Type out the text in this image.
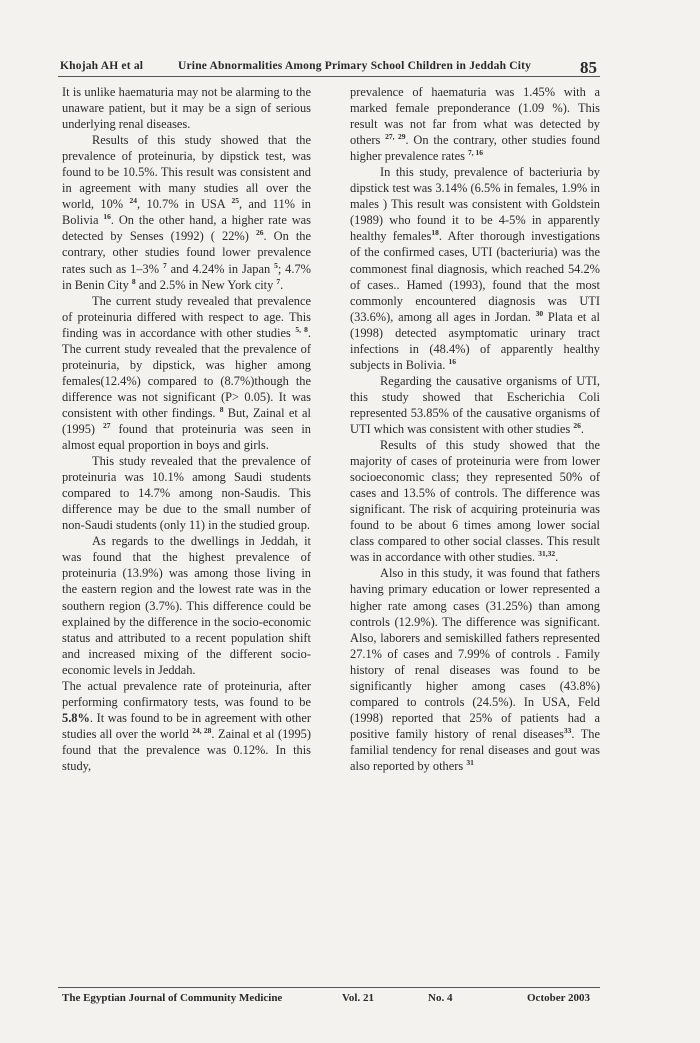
Khojah AH et al	Urine Abnormalities Among Primary School Children in Jeddah City	85

It is unlike haematuria may not be alarming to the unaware patient, but it may be a sign of serious underlying renal diseases.

Results of this study showed that the prevalence of proteinuria, by dipstick test, was found to be 10.5%. This result was consistent and in agreement with many studies all over the world, 10% $^{24}$, 10.7% in USA $^{25}$, and 11% in Bolivia $^{16}$. On the other hand, a higher rate was detected by Senses (1992) ( 22%) $^{26}$. On the contrary, other studies found lower prevalence rates such as 1–3% $^7$ and 4.24% in Japan $^5$; 4.7% in Benin City $^8$ and 2.5% in New York city $^7$.

The current study revealed that prevalence of proteinuria differed with respect to age. This finding was in accordance with other studies $^{5, 8}$. The current study revealed that the prevalence of proteinuria, by dipstick, was higher among females(12.4%) compared to (8.7%)though the difference was not significant (P> 0.05). It was consistent with other findings. $^8$ But, Zainal et al (1995) $^{27}$ found that proteinuria was seen in almost equal proportion in boys and girls.

This study revealed that the prevalence of proteinuria was 10.1% among Saudi students compared to 14.7% among non-Saudis. This difference may be due to the small number of non-Saudi students (only 11) in the studied group.

As regards to the dwellings in Jeddah, it was found that the highest prevalence of proteinuria (13.9%) was among those living in the eastern region and the lowest rate was in the southern region (3.7%). This difference could be explained by the difference in the socio-economic status and attributed to a recent population shift and increased mixing of the different socio-economic levels in Jeddah.

The actual prevalence rate of proteinuria, after performing confirmatory tests, was found to be 5.8%. It was found to be in agreement with other studies all over the world $^{24, 28}$. Zainal et al (1995) found that the prevalence was 0.12%. In this study,

prevalence of haematuria was 1.45% with a marked female preponderance (1.09 %). This result was not far from what was detected by others $^{27, 29}$. On the contrary, other studies found higher prevalence rates $^{7, 16}$

In this study, prevalence of bacteriuria by dipstick test was 3.14% (6.5% in females, 1.9% in males ) This result was consistent with Goldstein (1989) who found it to be 4-5% in apparently healthy females$^{18}$. After thorough investigations of the confirmed cases, UTI (bacteriuria) was the commonest final diagnosis, which reached 54.2% of cases.. Hamed (1993), found that the most commonly encountered diagnosis was UTI (33.6%), among all ages in Jordan. $^{30}$ Plata et al (1998) detected asymptomatic urinary tract infections in (48.4%) of apparently healthy subjects in Bolivia. $^{16}$

Regarding the causative organisms of UTI, this study showed that Escherichia Coli represented 53.85% of the causative organisms of UTI which was consistent with other studies $^{26}$.

Results of this study showed that the majority of cases of proteinuria were from lower socioeconomic class; they represented 50% of cases and 13.5% of controls. The difference was significant. The risk of acquiring proteinuria was found to be about 6 times among lower social class compared to other social classes. This result was in accordance with other studies. $^{31,32}$.

Also in this study, it was found that fathers having primary education or lower represented a higher rate among cases (31.25%) than among controls (12.9%). The difference was significant. Also, laborers and semiskilled fathers represented 27.1% of cases and 7.99% of controls . Family history of renal diseases was found to be significantly higher among cases (43.8%) compared to controls (24.5%). In USA, Feld (1998) reported that 25% of patients had a positive family history of renal diseases$^{33}$. The familial tendency for renal diseases and gout was also reported by others $^{31}$

The Egyptian Journal of Community Medicine	Vol. 21	No. 4	October 2003
